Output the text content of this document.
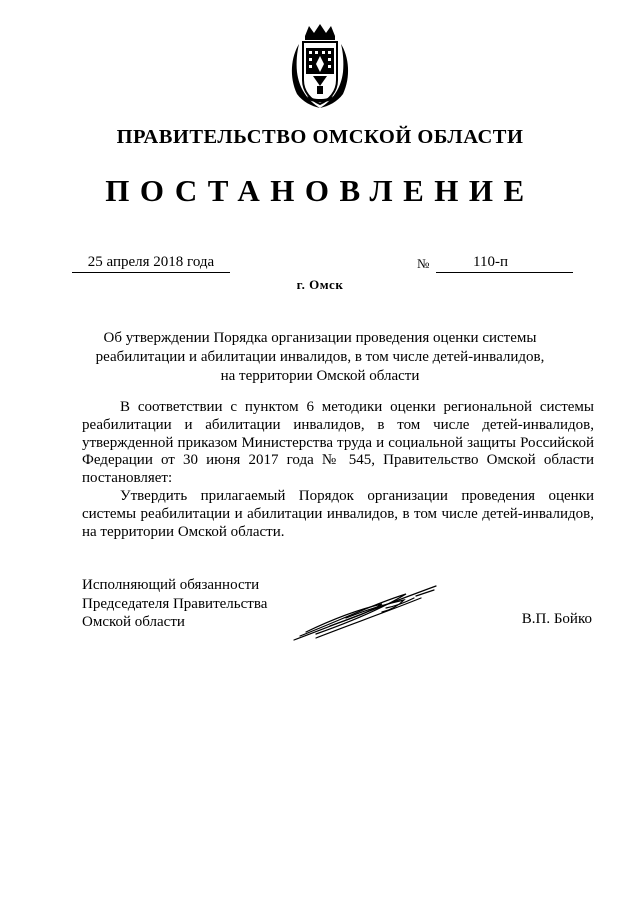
ПРАВИТЕЛЬСТВО ОМСКОЙ ОБЛАСТИ
ПОСТАНОВЛЕНИЕ
25 апреля 2018 года	№	110-п
г. Омск
Об утверждении Порядка организации проведения оценки системы
реабилитации и абилитации инвалидов, в том числе детей-инвалидов,
на территории Омской области

В соответствии с пунктом 6 методики оценки региональной системы реабилитации и абилитации инвалидов, в том числе детей-инвалидов, утвержденной приказом Министерства труда и социальной защиты Российской Федерации от 30 июня 2017 года № 545, Правительство Омской области постановляет:

Утвердить прилагаемый Порядок организации проведения оценки системы реабилитации и абилитации инвалидов, в том числе детей-инвалидов, на территории Омской области.

Исполняющий обязанности
Председателя Правительства
Омской области	В.П. Бойко
